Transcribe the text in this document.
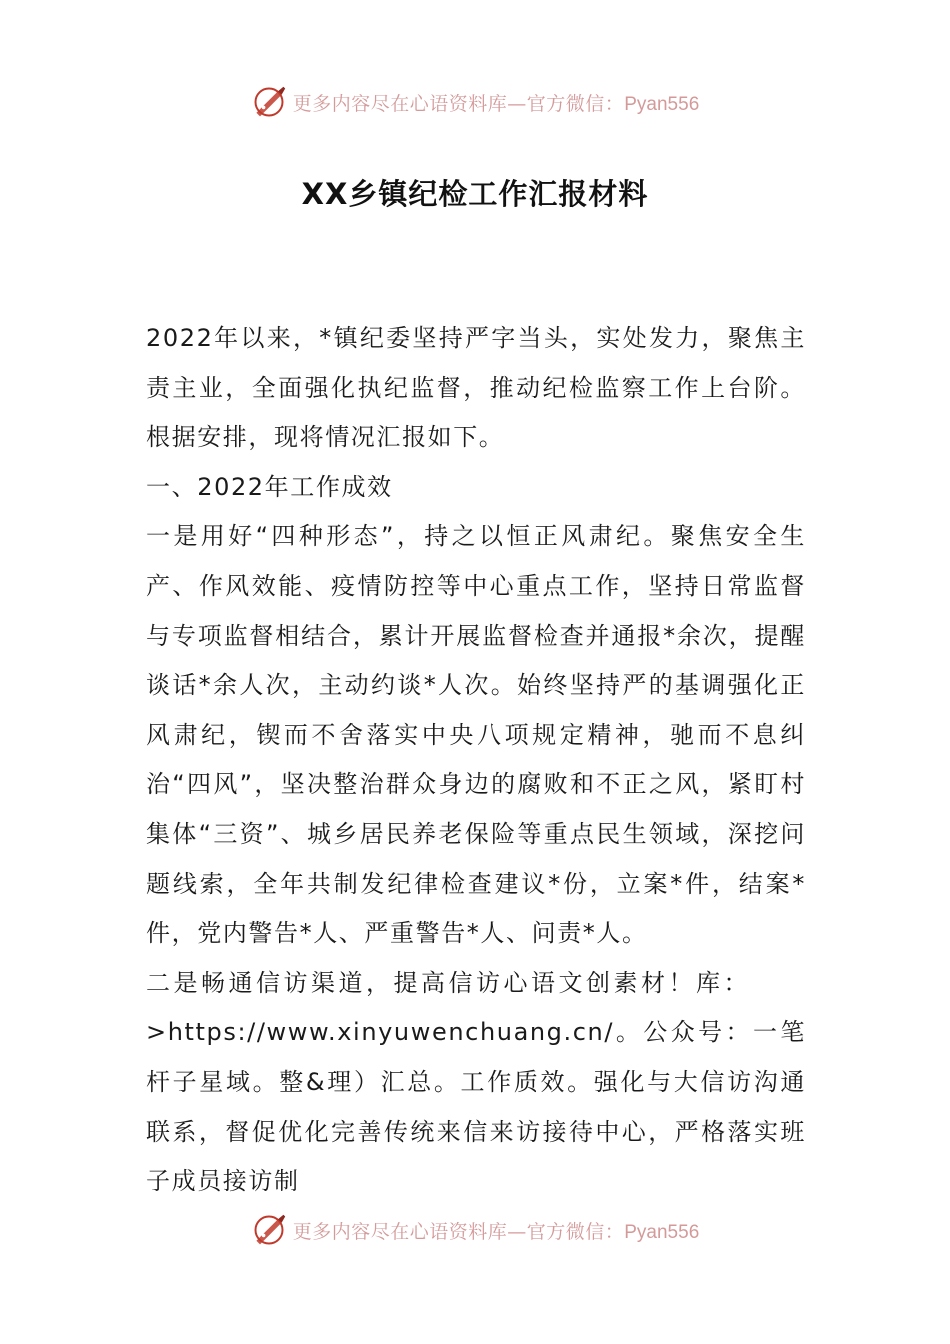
更多内容尽在心语资料库—官方微信：Pyan556
XX乡镇纪检工作汇报材料

2022年以来，*镇纪委坚持严字当头，实处发力，聚焦主责主业，全面强化执纪监督，推动纪检监察工作上台阶。根据安排，现将情况汇报如下。

一、2022年工作成效

一是用好“四种形态”，持之以恒正风肃纪。聚焦安全生产、作风效能、疫情防控等中心重点工作，坚持日常监督与专项监督相结合，累计开展监督检查并通报*余次，提醒谈话*余人次，主动约谈*人次。始终坚持严的基调强化正风肃纪，锲而不舍落实中央八项规定精神，驰而不息纠治“四风”，坚决整治群众身边的腐败和不正之风，紧盯村集体“三资”、城乡居民养老保险等重点民生领域，深挖问题线索，全年共制发纪律检查建议*份，立案*件，结案*件，党内警告*人、严重警告*人、问责*人。

二是畅通信访渠道，提高信访心语文创素材！库：

>https://www.xinyuwenchuang.cn/。公众号：一笔杆子星域。整&理）汇总。工作质效。强化与大信访沟通联系，督促优化完善传统来信来访接待中心，严格落实班子成员接访制

更多内容尽在心语资料库—官方微信：Pyan556
